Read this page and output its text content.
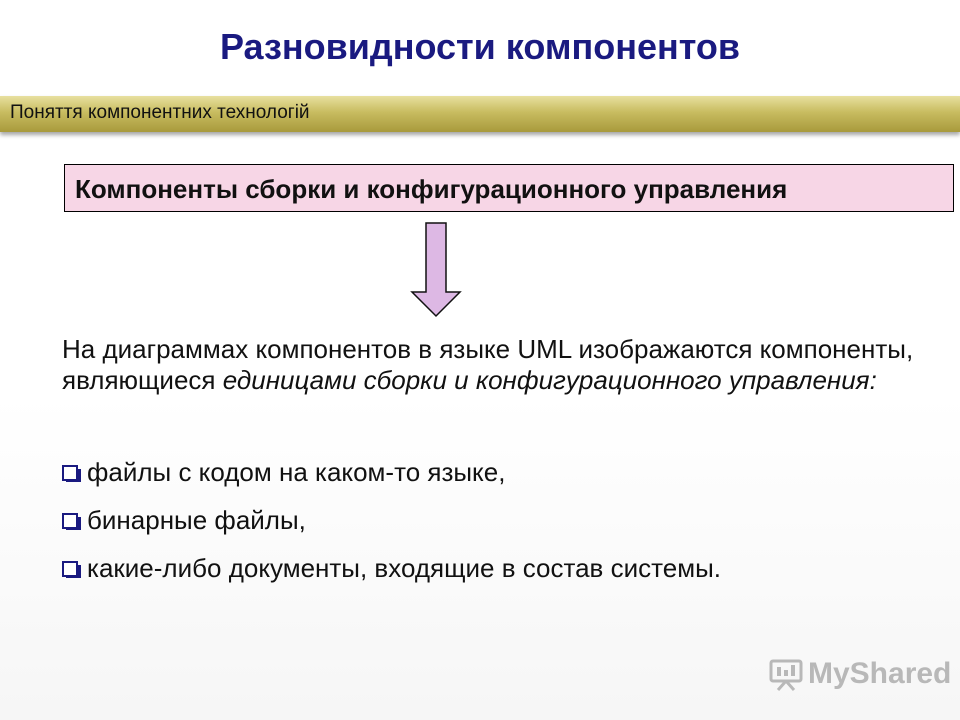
Разновидности компонентов
Поняття компонентних технологій
Компоненты сборки и конфигурационного управления
На диаграммах компонентов в языке UML изображаются компоненты, являющиеся единицами сборки и конфигурационного управления:
файлы с кодом на каком-то языке,
бинарные файлы,
какие-либо документы, входящие в состав системы.
MyShared
